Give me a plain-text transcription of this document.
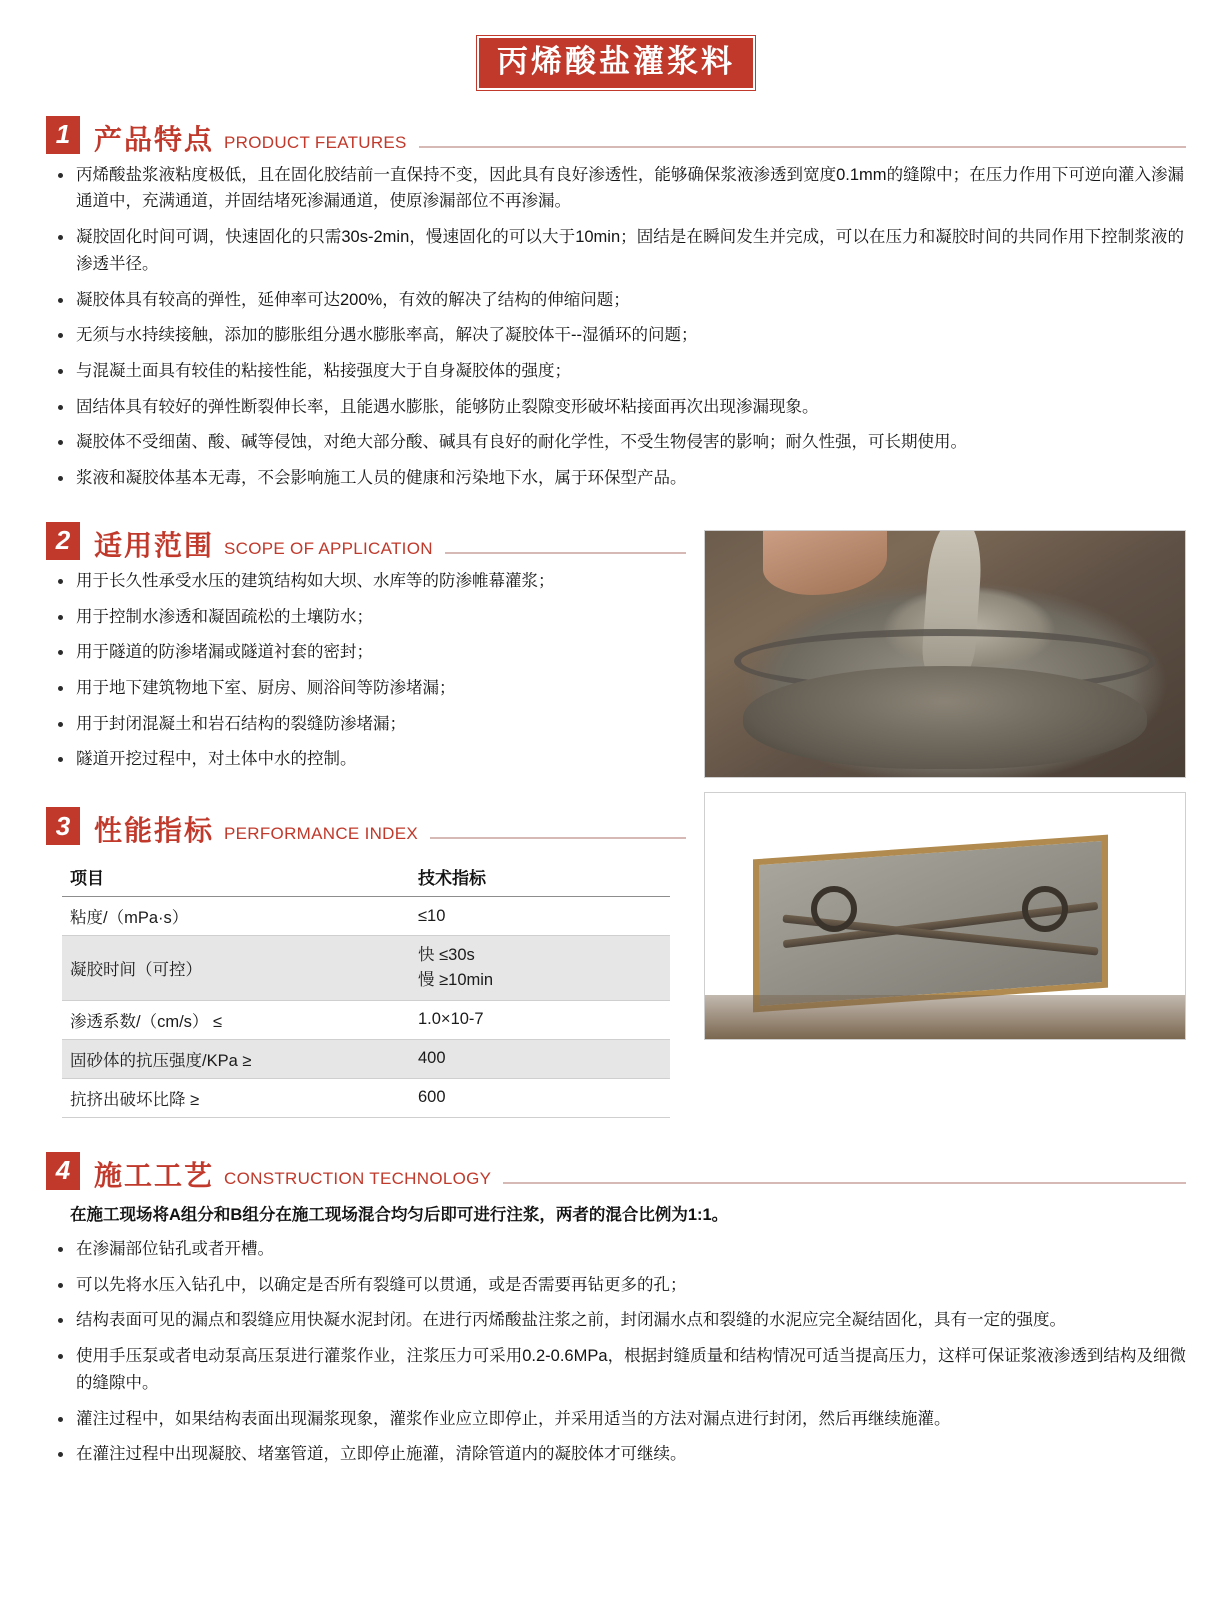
丙烯酸盐灌浆料
1 产品特点 PRODUCT FEATURES
丙烯酸盐浆液粘度极低，且在固化胶结前一直保持不变，因此具有良好渗透性，能够确保浆液渗透到宽度0.1mm的缝隙中；在压力作用下可逆向灌入渗漏通道中，充满通道，并固结堵死渗漏通道，使原渗漏部位不再渗漏。
凝胶固化时间可调，快速固化的只需30s-2min，慢速固化的可以大于10min；固结是在瞬间发生并完成，可以在压力和凝胶时间的共同作用下控制浆液的渗透半径。
凝胶体具有较高的弹性，延伸率可达200%，有效的解决了结构的伸缩问题；
无须与水持续接触，添加的膨胀组分遇水膨胀率高，解决了凝胶体干--湿循环的问题；
与混凝土面具有较佳的粘接性能，粘接强度大于自身凝胶体的强度；
固结体具有较好的弹性断裂伸长率，且能遇水膨胀，能够防止裂隙变形破坏粘接面再次出现渗漏现象。
凝胶体不受细菌、酸、碱等侵蚀，对绝大部分酸、碱具有良好的耐化学性，不受生物侵害的影响；耐久性强，可长期使用。
浆液和凝胶体基本无毒，不会影响施工人员的健康和污染地下水，属于环保型产品。
2 适用范围 SCOPE OF APPLICATION
用于长久性承受水压的建筑结构如大坝、水库等的防渗帷幕灌浆；
用于控制水渗透和凝固疏松的土壤防水；
用于隧道的防渗堵漏或隧道衬套的密封；
用于地下建筑物地下室、厨房、厕浴间等防渗堵漏；
用于封闭混凝土和岩石结构的裂缝防渗堵漏；
隧道开挖过程中，对土体中水的控制。
3 性能指标 PERFORMANCE INDEX
项目	技术指标
粘度/（mPa·s）	≤10
凝胶时间（可控）	快 ≤30s
慢 ≥10min

渗透系数/（cm/s） ≤	1.0×10-7
固砂体的抗压强度/KPa ≥	400
抗挤出破坏比降 ≥	600
4 施工工艺 CONSTRUCTION TECHNOLOGY
在施工现场将A组分和B组分在施工现场混合均匀后即可进行注浆，两者的混合比例为1:1。
在渗漏部位钻孔或者开槽。
可以先将水压入钻孔中，以确定是否所有裂缝可以贯通，或是否需要再钻更多的孔；
结构表面可见的漏点和裂缝应用快凝水泥封闭。在进行丙烯酸盐注浆之前，封闭漏水点和裂缝的水泥应完全凝结固化，具有一定的强度。
使用手压泵或者电动泵高压泵进行灌浆作业，注浆压力可采用0.2-0.6MPa，根据封缝质量和结构情况可适当提高压力，这样可保证浆液渗透到结构及细微的缝隙中。
灌注过程中，如果结构表面出现漏浆现象，灌浆作业应立即停止，并采用适当的方法对漏点进行封闭，然后再继续施灌。
在灌注过程中出现凝胶、堵塞管道，立即停止施灌，清除管道内的凝胶体才可继续。
